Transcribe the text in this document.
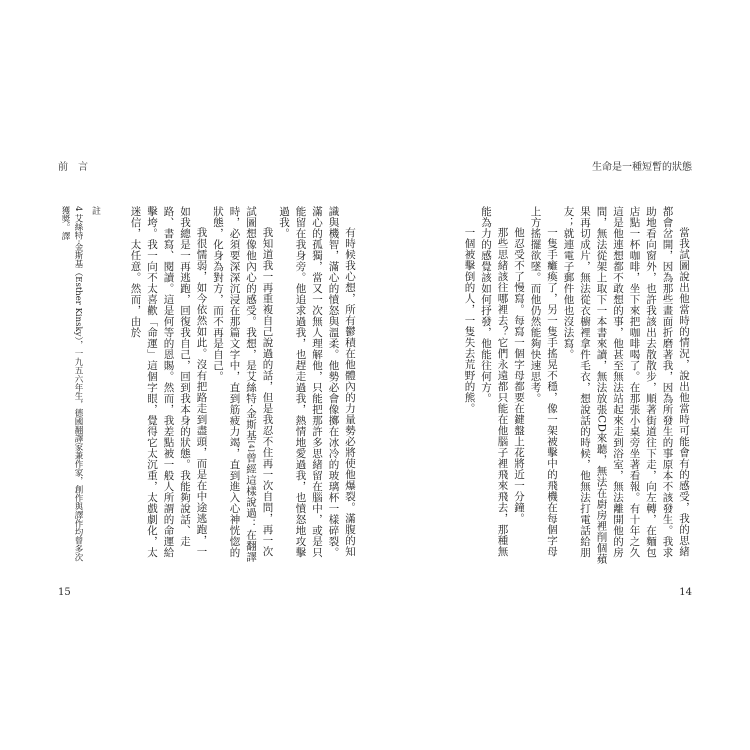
前　言

有時候我心想，所有鬱積在他體內的力量勢必將使他爆裂。滿腹的知識與機智，滿心的憤怒與溫柔。他勢必會像擲在冰冷的玻璃杯一樣碎裂。滿心的孤獨，當又一次無人理解他，只能把那許多思緒留在腦中，或是只能留在我身旁。他追求過我，也趕走過我，熱情地愛過我，也憤怒地攻擊過我。

我知道我一再重複自己說過的話，但是我忍不住再一次自問，再一次試圖想像他內心的感受。我想，是艾絲特·金斯基[4]曾經這樣說過：在翻譯時，必須要深深沉浸在那篇文字中，直到筋疲力竭，直到進入心神恍惚的狀態，化身為對方，而不再是自己。

我很懦弱，如今依然如此。沒有把路走到盡頭，而是在中途逃跑，一如我總是一再逃跑，回復我自己，回到我本身的狀態。我能夠說話、走路、書寫、閱讀。這是何等的恩賜。然而，我差點被一般人所謂的命運給擊垮。我一向不太喜歡「命運」這個字眼，覺得它太沉重，太戲劇化，太迷信，太任意。然而，由於

註
4 艾絲特·金斯基（Esther Kinsky），一九五六年生，德國翻譯家兼作家，創作與譯作均曾多次獲獎。譯
15
生命是一種短暫的狀態

當我試圖說出他當時的情況，說出他當時可能會有的感受，我的思緒都會岔開，因為那些畫面折磨著我，因為所發生的事原本不該發生。我求助地看向窗外，也許我該出去散散步，順著街道往下走，向左轉，在麵包店點一杯咖啡，坐下來把咖啡喝了。在那張小桌旁坐著看報。有十年之久這是他連想都不敢想的事，他甚至無法站起來走到浴室，無法離開他的房間，無法從架上取下一本書來讀，無法放張CD來聽，無法在廚房裡削個蘋果再切成片，無法從衣櫥裡拿件毛衣，想說話的時候，他無法打電話給朋友；就連電子郵件他也沒法寫。

一隻手癱瘓了，另一隻手搖晃不穩，像一架被擊中的飛機在每個字母上方搖擺欲墜。而他仍然能夠快速思考。

他忍受不了慢寫。每寫一個字母都要在鍵盤上花將近一分鐘。

那些思緒該往哪裡去？它們永遠都只能在他腦子裡飛來飛去，那種無能為力的感覺該如何抒發，他能往何方。

一個被擊倒的人，一隻失去荒野的熊。

14
